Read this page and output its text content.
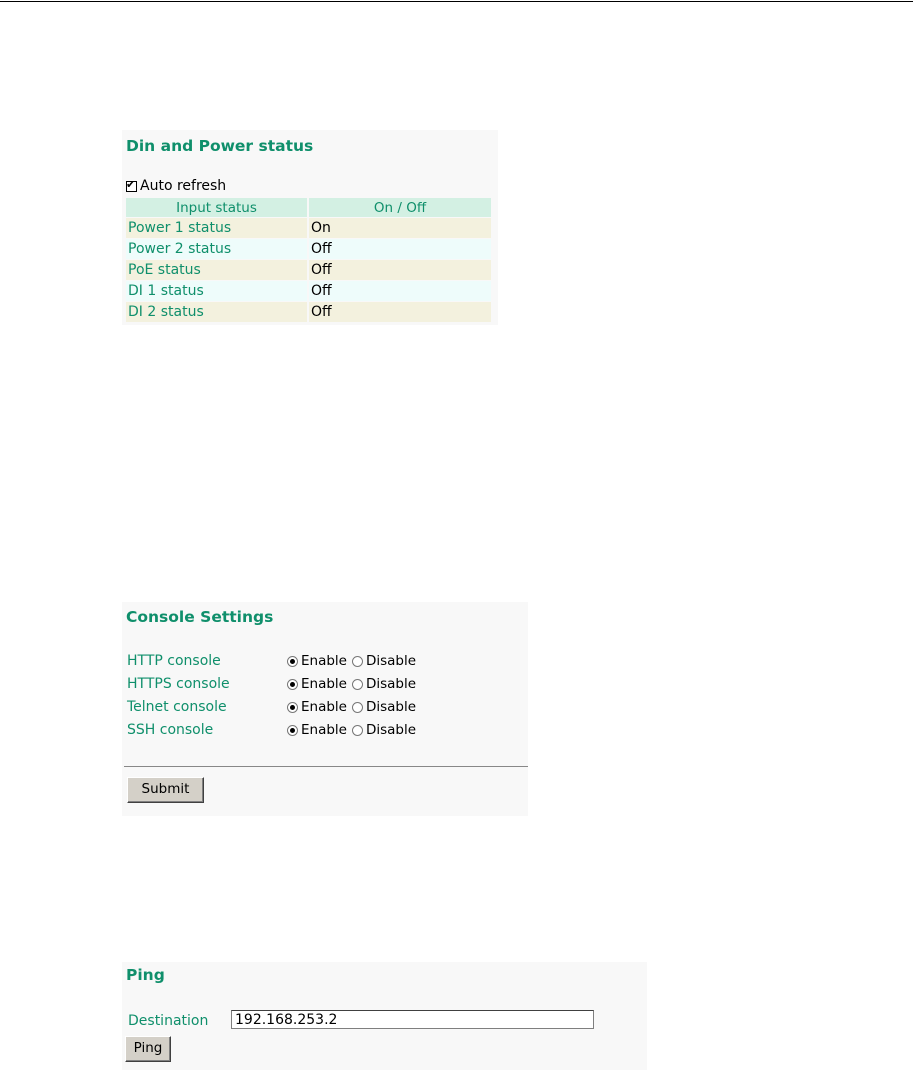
Din and Power status
✔
Auto refresh
Input status	On / Off
Power 1 status	On
Power 2 status	Off
PoE status	Off
DI 1 status	Off
DI 2 status	Off
Console Settings
HTTP console	Enable Disable
HTTPS console	Enable Disable
Telnet console	Enable Disable
SSH console	Enable Disable
Submit
Ping
Destination 192.168.253.2
Ping
